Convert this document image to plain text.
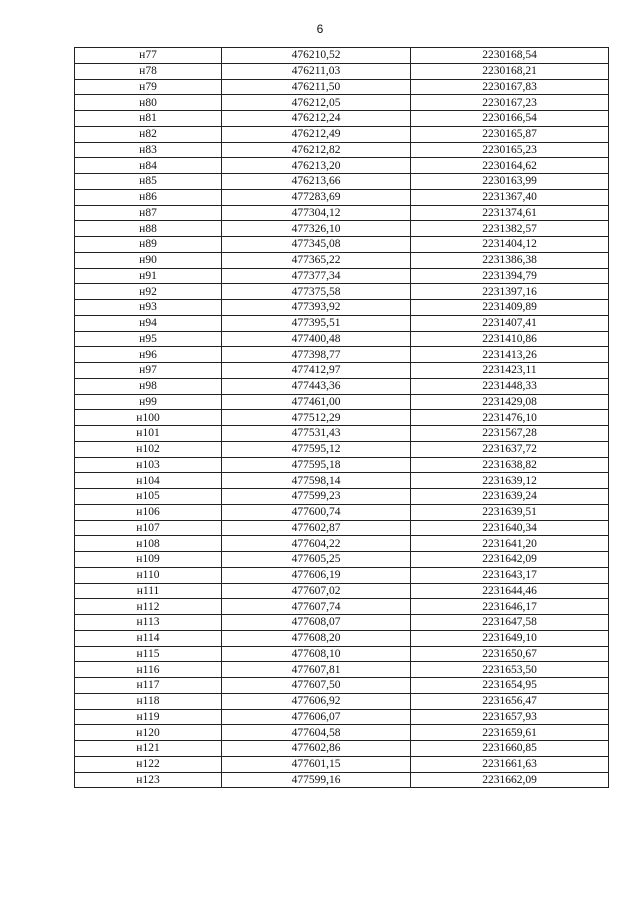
6
н77	476210,52	2230168,54
н78	476211,03	2230168,21
н79	476211,50	2230167,83
н80	476212,05	2230167,23
н81	476212,24	2230166,54
н82	476212,49	2230165,87
н83	476212,82	2230165,23
н84	476213,20	2230164,62
н85	476213,66	2230163,99
н86	477283,69	2231367,40
н87	477304,12	2231374,61
н88	477326,10	2231382,57
н89	477345,08	2231404,12
н90	477365,22	2231386,38
н91	477377,34	2231394,79
н92	477375,58	2231397,16
н93	477393,92	2231409,89
н94	477395,51	2231407,41
н95	477400,48	2231410,86
н96	477398,77	2231413,26
н97	477412,97	2231423,11
н98	477443,36	2231448,33
н99	477461,00	2231429,08
н100	477512,29	2231476,10
н101	477531,43	2231567,28
н102	477595,12	2231637,72
н103	477595,18	2231638,82
н104	477598,14	2231639,12
н105	477599,23	2231639,24
н106	477600,74	2231639,51
н107	477602,87	2231640,34
н108	477604,22	2231641,20
н109	477605,25	2231642,09
н110	477606,19	2231643,17
н111	477607,02	2231644,46
н112	477607,74	2231646,17
н113	477608,07	2231647,58
н114	477608,20	2231649,10
н115	477608,10	2231650,67
н116	477607,81	2231653,50
н117	477607,50	2231654,95
н118	477606,92	2231656,47
н119	477606,07	2231657,93
н120	477604,58	2231659,61
н121	477602,86	2231660,85
н122	477601,15	2231661,63
н123	477599,16	2231662,09
